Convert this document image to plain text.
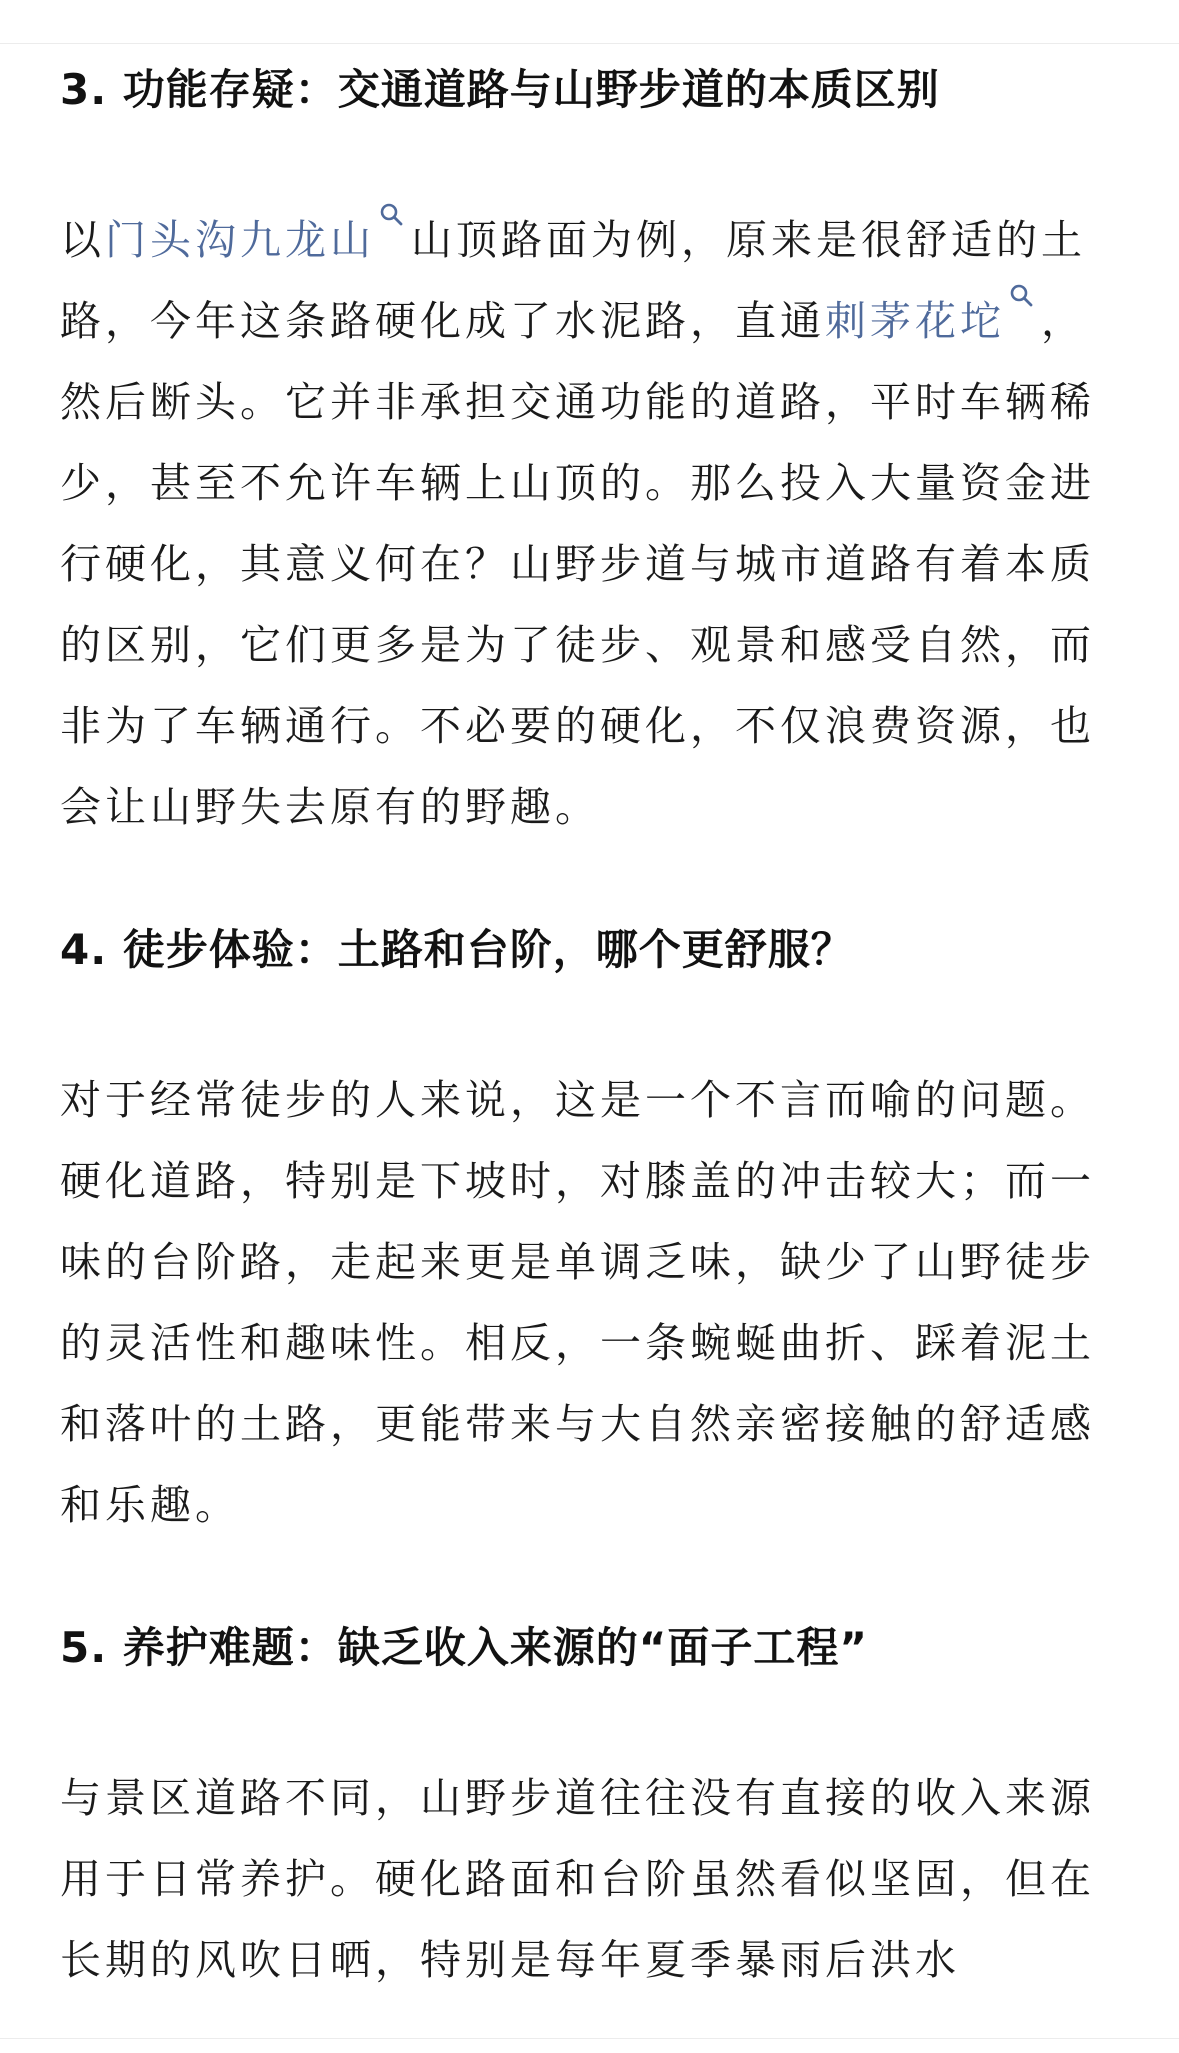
3. 功能存疑：交通道路与山野步道的本质区别

以门头沟九龙山 山顶路面为例，原来是很舒适的土路，今年这条路硬化成了水泥路，直通刺茅花坨 ，然后断头。它并非承担交通功能的道路，平时车辆稀少，甚至不允许车辆上山顶的。那么投入大量资金进行硬化，其意义何在？山野步道与城市道路有着本质的区别，它们更多是为了徒步、观景和感受自然，而非为了车辆通行。不必要的硬化，不仅浪费资源，也会让山野失去原有的野趣。

4. 徒步体验：土路和台阶，哪个更舒服？

对于经常徒步的人来说，这是一个不言而喻的问题。硬化道路，特别是下坡时，对膝盖的冲击较大；而一味的台阶路，走起来更是单调乏味，缺少了山野徒步的灵活性和趣味性。相反，一条蜿蜒曲折、踩着泥土和落叶的土路，更能带来与大自然亲密接触的舒适感和乐趣。

5. 养护难题：缺乏收入来源的“面子工程”

与景区道路不同，山野步道往往没有直接的收入来源用于日常养护。硬化路面和台阶虽然看似坚固，但在长期的风吹日晒，特别是每年夏季暴雨后洪水
